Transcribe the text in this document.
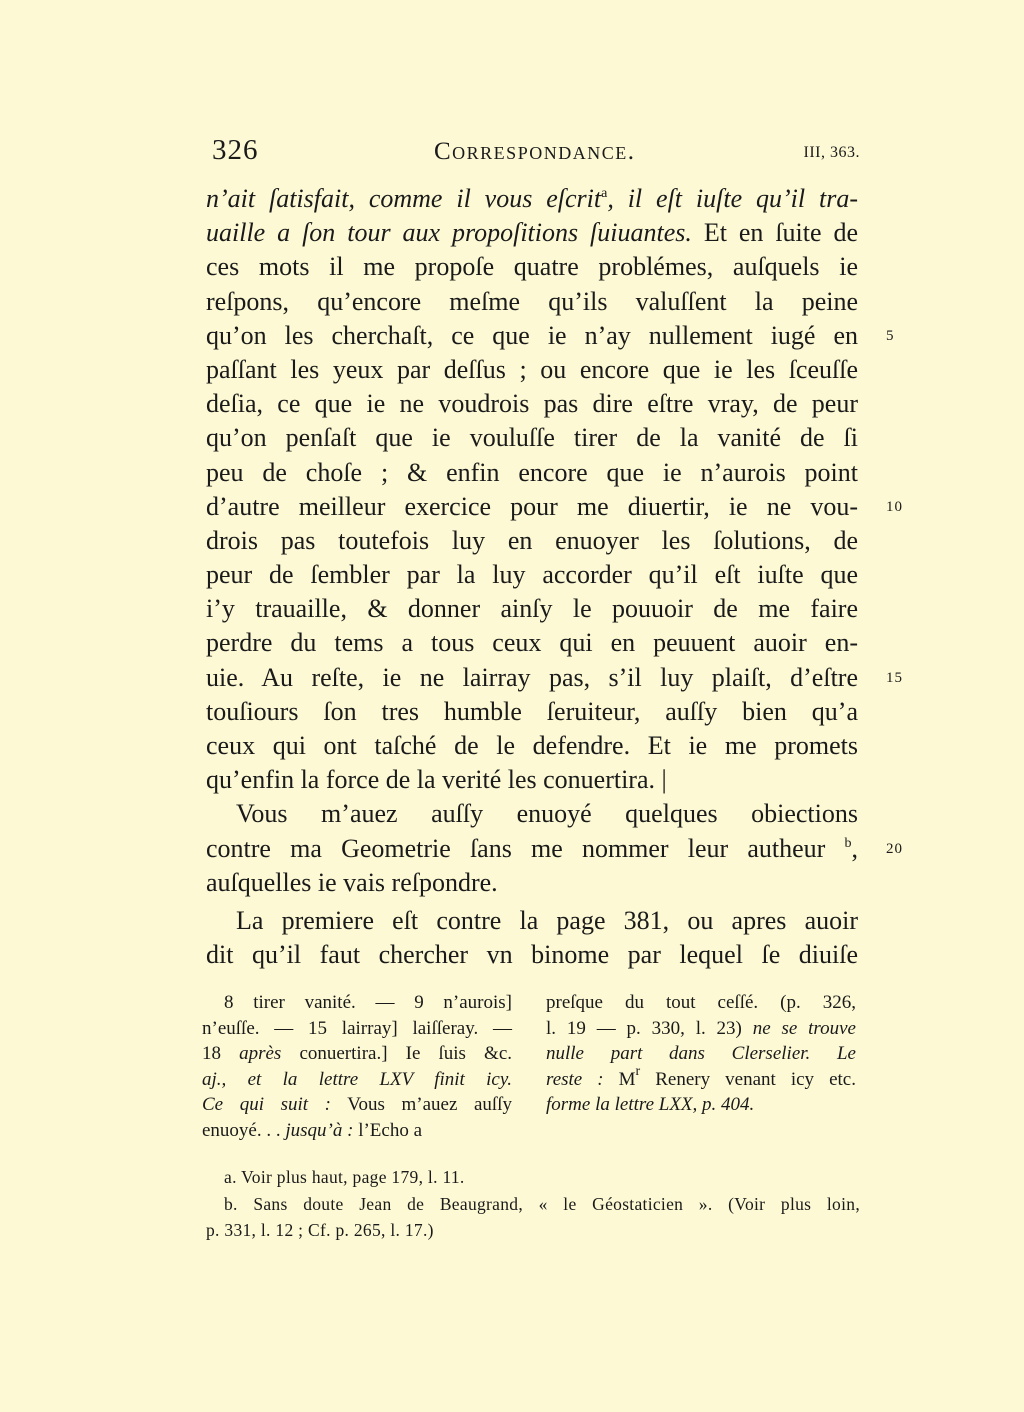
326	Correspondance.	III, 363.
n’ait ſatisfait, comme il vous eſcrit$^a$, il eſt iuſte qu’il tra-
uaille a ſon tour aux propoſitions ſuiuantes. Et en ſuite de
ces mots il me propoſe quatre problémes, auſquels ie
reſpons, qu’encore meſme qu’ils valuſſent la peine
qu’on les cherchaſt, ce que ie n’ay nullement iugé en 5
paſſant les yeux par deſſus ; ou encore que ie les ſceuſſe
deſia, ce que ie ne voudrois pas dire eſtre vray, de peur
qu’on penſaſt que ie vouluſſe tirer de la vanité de ſi
peu de choſe ; & enfin encore que ie n’aurois point
d’autre meilleur exercice pour me diuertir, ie ne vou- 10
drois pas toutefois luy en enuoyer les ſolutions, de
peur de ſembler par la luy accorder qu’il eſt iuſte que
i’y trauaille, & donner ainſy le pouuoir de me faire
perdre du tems a tous ceux qui en peuuent auoir en-
uie. Au reſte, ie ne lairray pas, s’il luy plaiſt, d’eſtre 15
touſiours ſon tres humble ſeruiteur, auſſy bien qu’a
ceux qui ont taſché de le defendre. Et ie me promets
qu’enfin la force de la verité les conuertira. |
Vous m’auez auſſy enuoyé quelques obiections
contre ma Geometrie ſans me nommer leur autheur $^b$, 20
auſquelles ie vais reſpondre.
La premiere eſt contre la page 381, ou apres auoir
dit qu’il faut chercher vn binome par lequel ſe diuiſe
8 tirer vanité. — 9 n’aurois]
n’euſſe. — 15 lairray] laiſſeray. —
18 après conuertira.] Ie ſuis &c.
aj., et la lettre LXV finit icy.
Ce qui suit : Vous m’auez auſſy
enuoyé. . . jusqu’à : l’Echo a
preſque du tout ceſſé. (p. 326,
l. 19 — p. 330, l. 23) ne se trouve
nulle part dans Clerselier. Le
reste : $M^r$ Renery venant icy etc.
forme la lettre LXX, p. 404.
a. Voir plus haut, page 179, l. 11.
b. Sans doute Jean de Beaugrand, « le Géostaticien ». (Voir plus loin,
p. 331, l. 12 ; Cf. p. 265, l. 17.)
